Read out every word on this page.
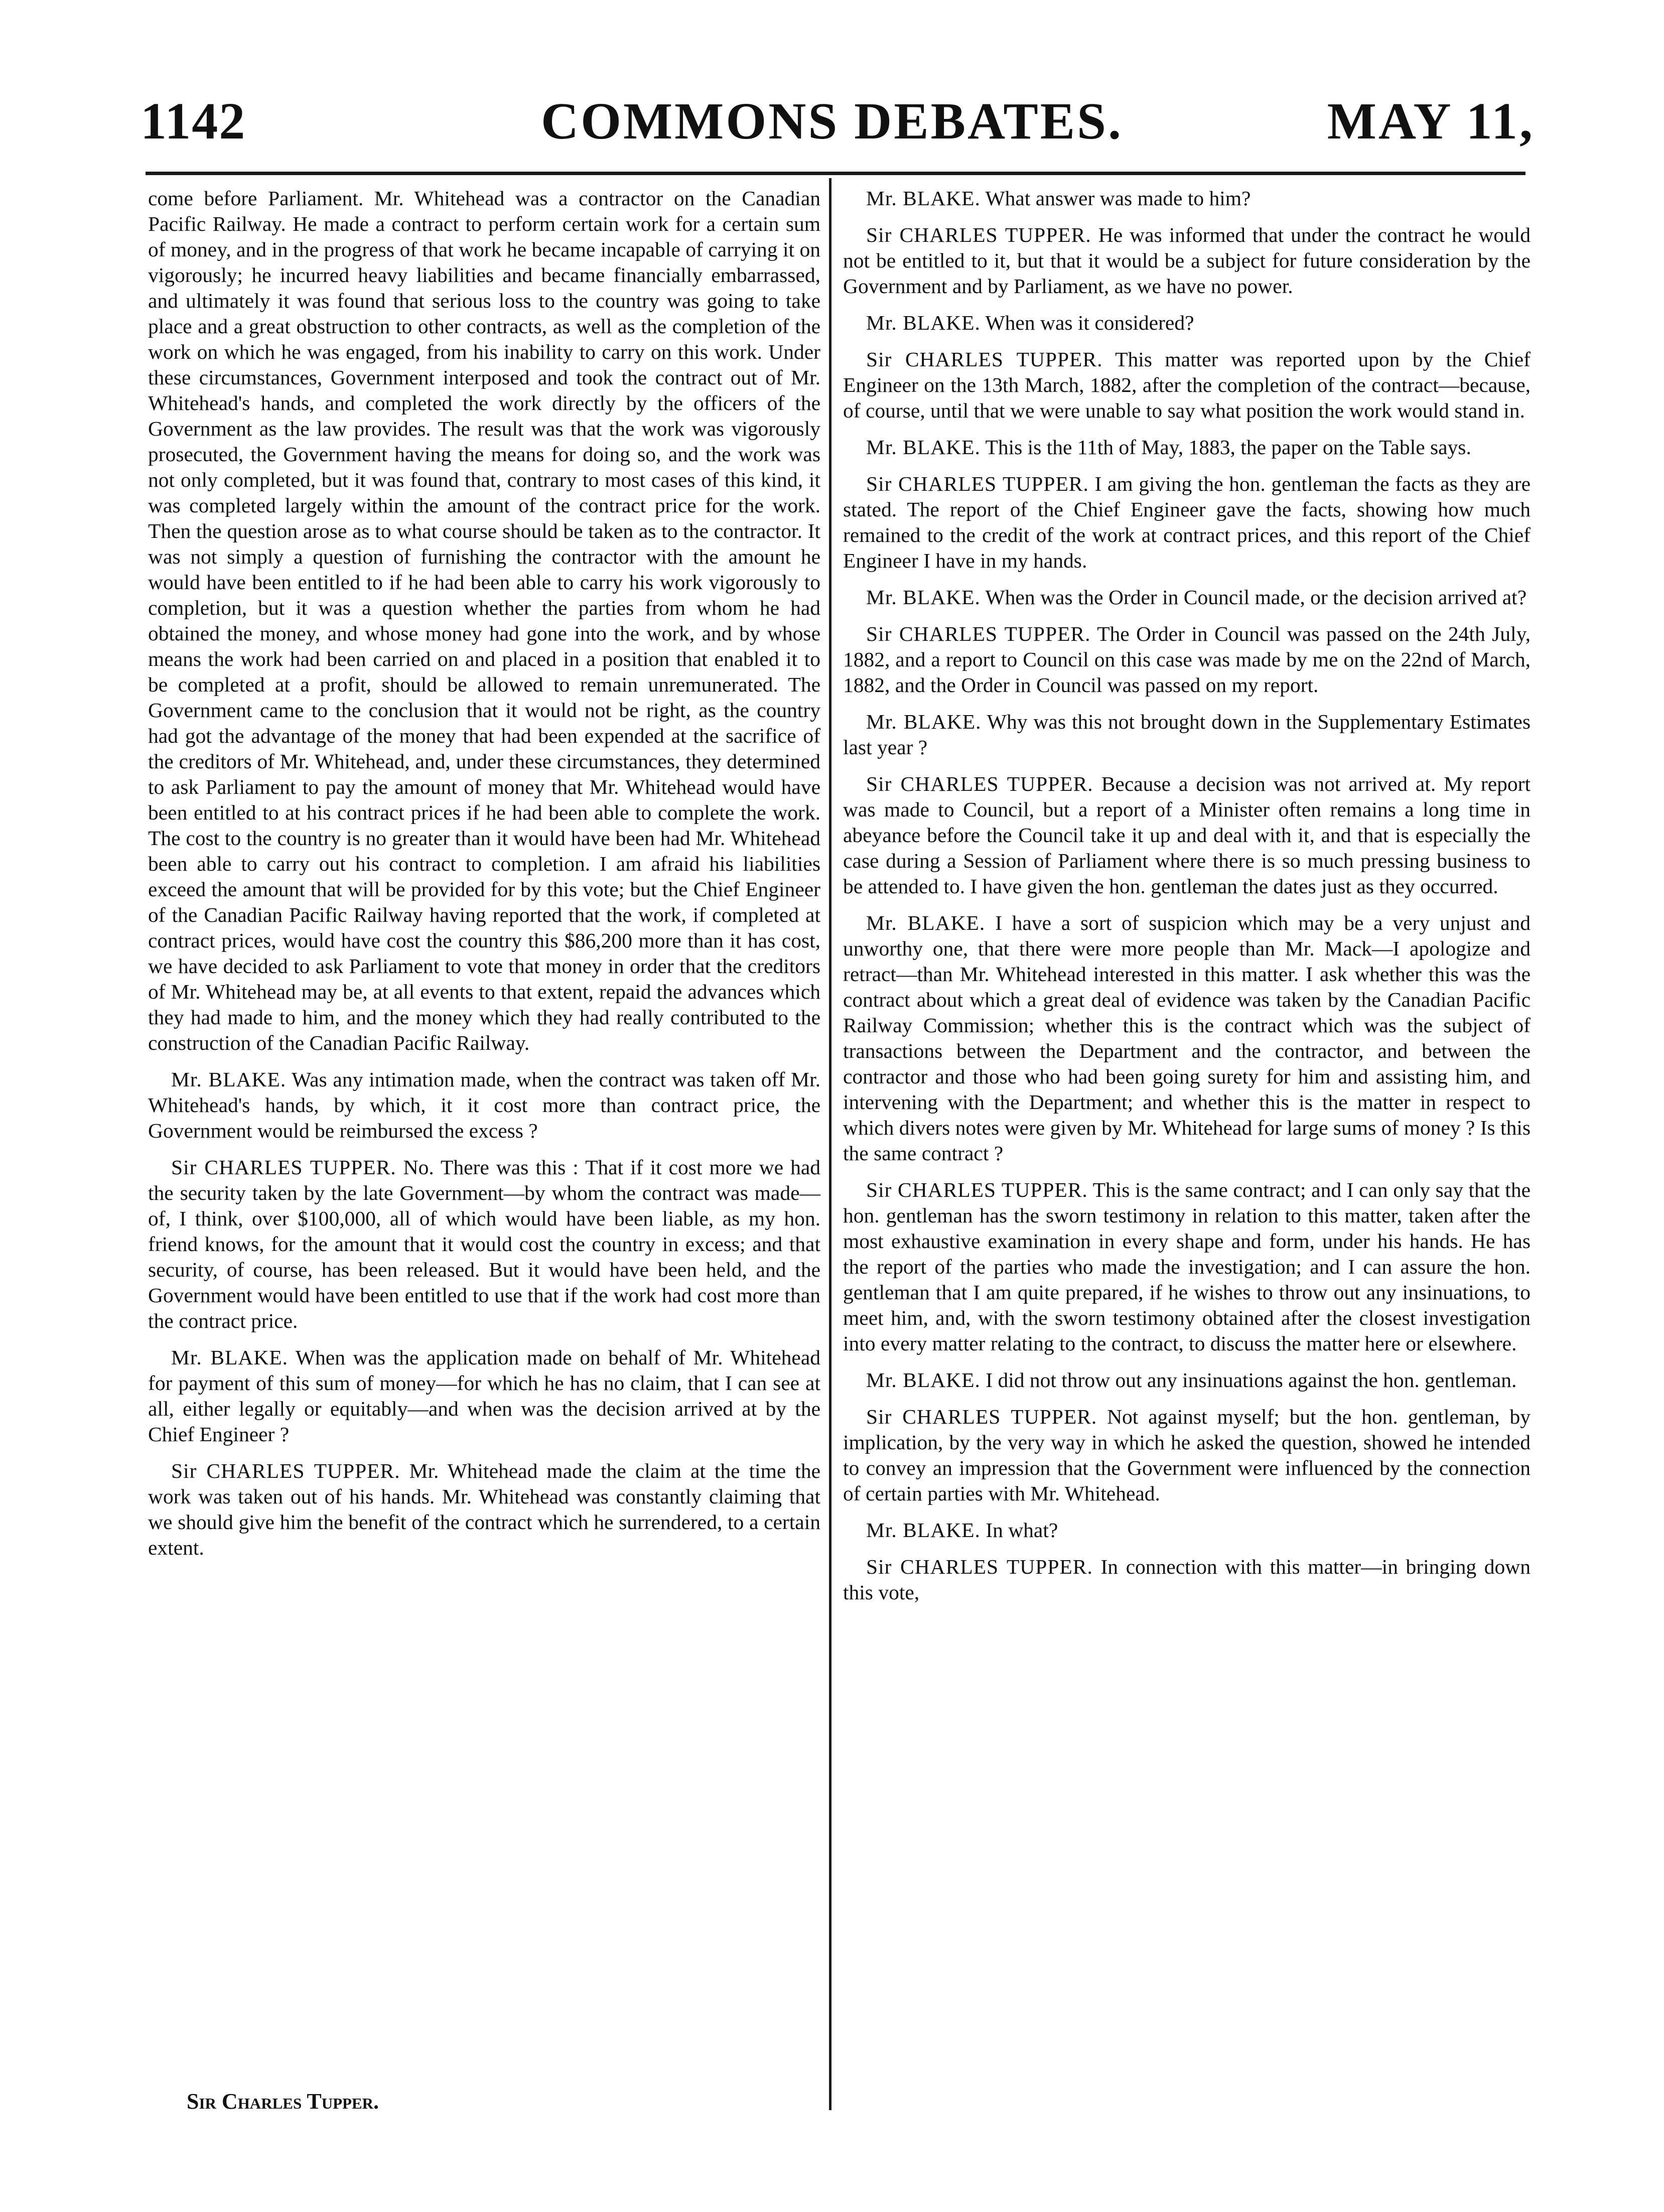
1142	COMMONS DEBATES.	MAY 11,

come before Parliament. Mr. Whitehead was a contractor on the Canadian Pacific Railway. He made a contract to perform certain work for a certain sum of money, and in the progress of that work he became incapable of carrying it on vigorously; he incurred heavy liabilities and became financially embarrassed, and ultimately it was found that serious loss to the country was going to take place and a great obstruction to other contracts, as well as the completion of the work on which he was engaged, from his inability to carry on this work. Under these circumstances, Government interposed and took the contract out of Mr. Whitehead's hands, and completed the work directly by the officers of the Government as the law provides. The result was that the work was vigorously prosecuted, the Government having the means for doing so, and the work was not only completed, but it was found that, contrary to most cases of this kind, it was completed largely within the amount of the contract price for the work. Then the question arose as to what course should be taken as to the contractor. It was not simply a question of furnishing the contractor with the amount he would have been entitled to if he had been able to carry his work vigorously to completion, but it was a question whether the parties from whom he had obtained the money, and whose money had gone into the work, and by whose means the work had been carried on and placed in a position that enabled it to be completed at a profit, should be allowed to remain unremunerated. The Government came to the conclusion that it would not be right, as the country had got the advantage of the money that had been expended at the sacrifice of the creditors of Mr. Whitehead, and, under these circumstances, they determined to ask Parliament to pay the amount of money that Mr. Whitehead would have been entitled to at his contract prices if he had been able to complete the work. The cost to the country is no greater than it would have been had Mr. Whitehead been able to carry out his contract to completion. I am afraid his liabilities exceed the amount that will be provided for by this vote; but the Chief Engineer of the Canadian Pacific Railway having reported that the work, if completed at contract prices, would have cost the country this $86,200 more than it has cost, we have decided to ask Parliament to vote that money in order that the creditors of Mr. Whitehead may be, at all events to that extent, repaid the advances which they had made to him, and the money which they had really contributed to the construction of the Canadian Pacific Railway.

Mr. BLAKE. Was any intimation made, when the contract was taken off Mr. Whitehead's hands, by which, it it cost more than contract price, the Government would be reimbursed the excess ?

Sir CHARLES TUPPER. No. There was this : That if it cost more we had the security taken by the late Government—by whom the contract was made—of, I think, over $100,000, all of which would have been liable, as my hon. friend knows, for the amount that it would cost the country in excess; and that security, of course, has been released. But it would have been held, and the Government would have been entitled to use that if the work had cost more than the contract price.

Mr. BLAKE. When was the application made on behalf of Mr. Whitehead for payment of this sum of money—for which he has no claim, that I can see at all, either legally or equitably—and when was the decision arrived at by the Chief Engineer ?

Sir CHARLES TUPPER. Mr. Whitehead made the claim at the time the work was taken out of his hands. Mr. Whitehead was constantly claiming that we should give him the benefit of the contract which he surrendered, to a certain extent.

Mr. BLAKE. What answer was made to him?

Sir CHARLES TUPPER. He was informed that under the contract he would not be entitled to it, but that it would be a subject for future consideration by the Government and by Parliament, as we have no power.

Mr. BLAKE. When was it considered?

Sir CHARLES TUPPER. This matter was reported upon by the Chief Engineer on the 13th March, 1882, after the completion of the contract—because, of course, until that we were unable to say what position the work would stand in.

Mr. BLAKE. This is the 11th of May, 1883, the paper on the Table says.

Sir CHARLES TUPPER. I am giving the hon. gentleman the facts as they are stated. The report of the Chief Engineer gave the facts, showing how much remained to the credit of the work at contract prices, and this report of the Chief Engineer I have in my hands.

Mr. BLAKE. When was the Order in Council made, or the decision arrived at?

Sir CHARLES TUPPER. The Order in Council was passed on the 24th July, 1882, and a report to Council on this case was made by me on the 22nd of March, 1882, and the Order in Council was passed on my report.

Mr. BLAKE. Why was this not brought down in the Supplementary Estimates last year ?

Sir CHARLES TUPPER. Because a decision was not arrived at. My report was made to Council, but a report of a Minister often remains a long time in abeyance before the Council take it up and deal with it, and that is especially the case during a Session of Parliament where there is so much pressing business to be attended to. I have given the hon. gentleman the dates just as they occurred.

Mr. BLAKE. I have a sort of suspicion which may be a very unjust and unworthy one, that there were more people than Mr. Mack—I apologize and retract—than Mr. Whitehead interested in this matter. I ask whether this was the contract about which a great deal of evidence was taken by the Canadian Pacific Railway Commission; whether this is the contract which was the subject of transactions between the Department and the contractor, and between the contractor and those who had been going surety for him and assisting him, and intervening with the Department; and whether this is the matter in respect to which divers notes were given by Mr. Whitehead for large sums of money ? Is this the same contract ?

Sir CHARLES TUPPER. This is the same contract; and I can only say that the hon. gentleman has the sworn testimony in relation to this matter, taken after the most exhaustive examination in every shape and form, under his hands. He has the report of the parties who made the investigation; and I can assure the hon. gentleman that I am quite prepared, if he wishes to throw out any insinuations, to meet him, and, with the sworn testimony obtained after the closest investigation into every matter relating to the contract, to discuss the matter here or elsewhere.

Mr. BLAKE. I did not throw out any insinuations against the hon. gentleman.

Sir CHARLES TUPPER. Not against myself; but the hon. gentleman, by implication, by the very way in which he asked the question, showed he intended to convey an impression that the Government were influenced by the connection of certain parties with Mr. Whitehead.

Mr. BLAKE. In what?

Sir CHARLES TUPPER. In connection with this matter—in bringing down this vote,

Sir Charles Tupper.
